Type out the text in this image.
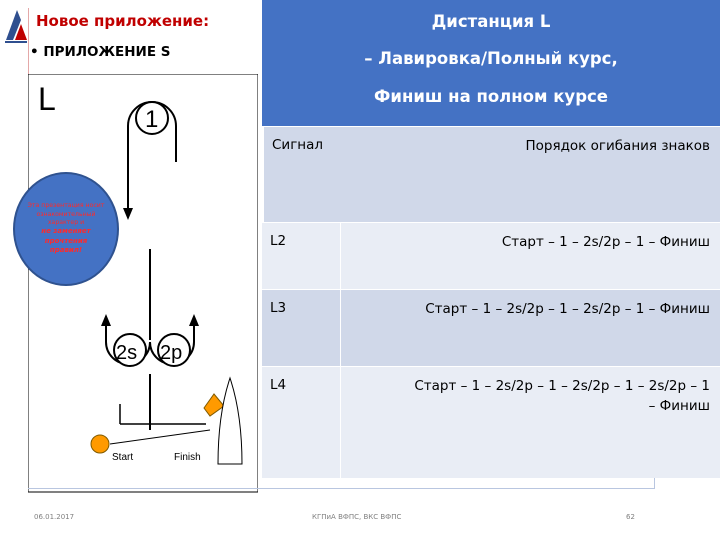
Новое приложение:
• ПРИЛОЖЕНИЕ S
L
1
2s 2p
Start	Finish
Эта презентация носит ознакомительный характер и
не заменяет прочтения
правил!
Дистанция L
– Лавировка/Полный курс,
Финиш на полном курсе
Сигнал	Порядок огибания знаков
L2	Старт – 1 – 2s/2p – 1 – Финиш
L3	Старт – 1 – 2s/2p – 1 – 2s/2p – 1 – Финиш
L4	Старт – 1 – 2s/2p – 1 – 2s/2p – 1 – 2s/2p – 1
– Финиш
06.01.2017	КГПиА ВФПС, ВКС ВФПС	62
